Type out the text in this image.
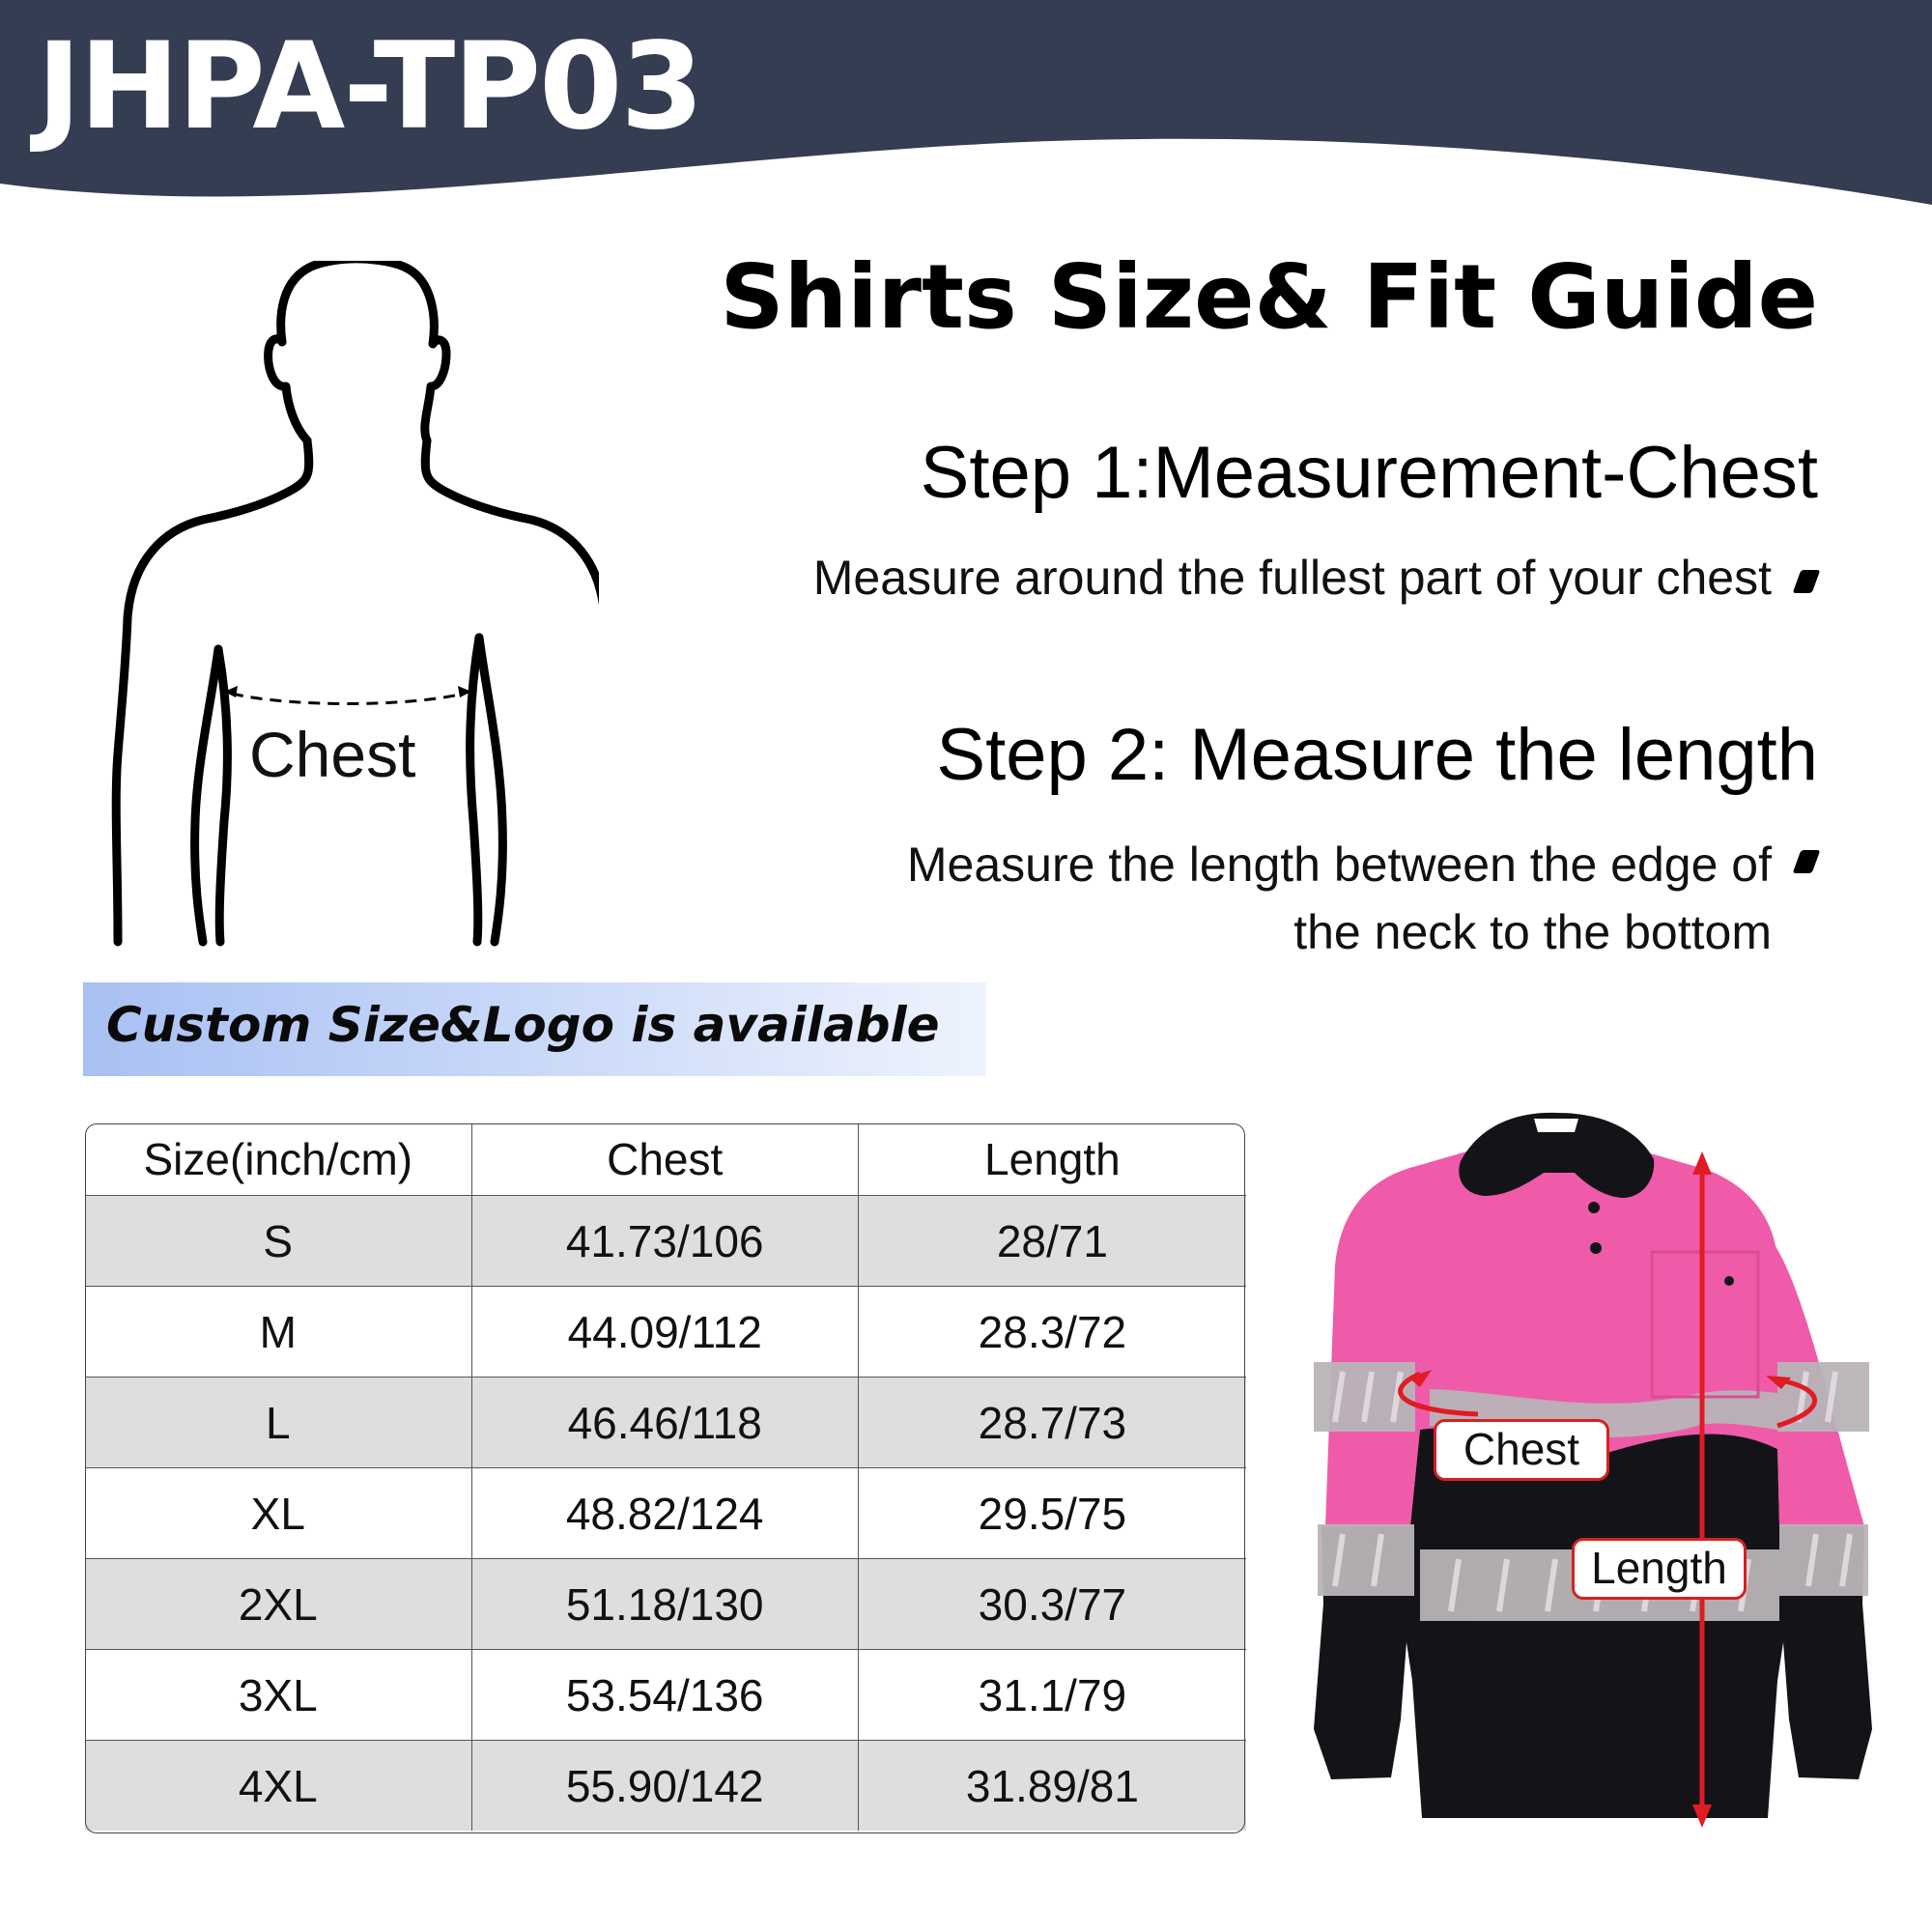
JHPA-TP03
Chest
Shirts Size& Fit Guide
Step 1:Measurement-Chest
Measure around the fullest part of your chest
Step 2: Measure the length
Measure the length between the edge of
the neck to the bottom
Custom Size&Logo is available
Size(inch/cm)	Chest	Length
S	41.73/106	28/71
M	44.09/112	28.3/72
L	46.46/118	28.7/73
XL	48.82/124	29.5/75
2XL	51.18/130	30.3/77
3XL	53.54/136	31.1/79
4XL	55.90/142	31.89/81
Chest
Length
